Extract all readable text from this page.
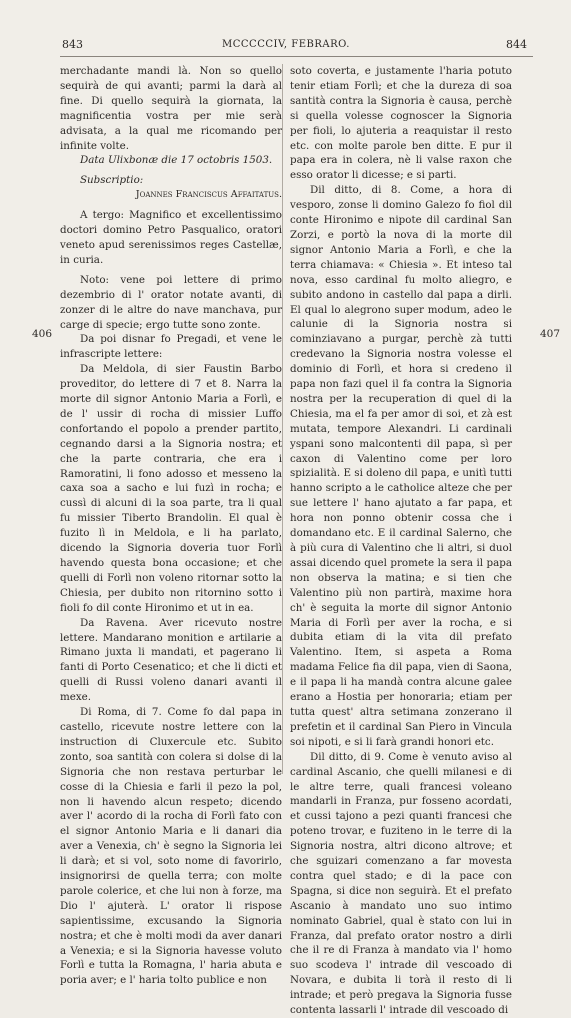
843	MCCCCCIV, FEBRARO.	844
406	407

merchadante mandi là. Non so quello sequirà de qui avanti; parmi la darà al fine. Di quello sequirà la giornata, la magnificentia vostra per mie serà advisata, a la qual me ricomando per infinite volte.

Data Ulixbonæ die 17 octobris 1503.

Subscriptio:

Joannes Franciscus Affaitatus.

A tergo: Magnifico et excellentissimo doctori domino Petro Pasqualico, oratori veneto apud serenissimos reges Castellæ, in curia.

Noto: vene poi lettere di primo dezembrio di l' orator notate avanti, di zonzer di le altre do nave manchava, pur carge di specie; ergo tutte sono zonte.

Da poi disnar fo Pregadi, et vene le infrascripte lettere:

Da Meldola, di sier Faustin Barbo proveditor, do lettere di 7 et 8. Narra la morte dil signor Antonio Maria a Forlì, e de l' ussir di rocha di missier Luffo confortando el popolo a prender partito, cegnando darsi a la Signoria nostra; et che la parte contraria, che era i Ramoratini, li fono adosso et messeno la caxa soa a sacho e lui fuzì in rocha; e cussì di alcuni di la soa parte, tra li qual fu missier Tiberto Brandolin. El qual è fuzito lì in Meldola, e li ha parlato, dicendo la Signoria doveria tuor Forlì havendo questa bona occasione; et che quelli di Forlì non voleno ritornar sotto la Chiesia, per dubito non ritornino sotto i fioli fo dil conte Hironimo et ut in ea.

Da Ravena. Aver ricevuto nostre lettere. Mandarano monition e artilarie a Rimano juxta li mandati, et pagerano li fanti di Porto Cesenatico; et che li dicti et quelli di Russi voleno danari avanti il mexe.

Di Roma, di 7. Come fo dal papa in castello, ricevute nostre lettere con la instruction di Cluxercule etc. Subito zonto, soa santità con colera si dolse di la Signoria che non restava perturbar le cosse di la Chiesia e farli il pezo la pol, non li havendo alcun respeto; dicendo aver l' acordo di la rocha di Forlì fato con el signor Antonio Maria e li danari dia aver a Venexia, ch' è segno la Signoria lei li darà; et si vol, soto nome di favorirlo, insignorirsi de quella terra; con molte parole colerice, et che lui non à forze, ma Dio l' ajuterà. L' orator li rispose sapientissime, excusando la Signoria nostra; et che è molti modi da aver danari a Venexia; e si la Signoria havesse voluto Forlì e tutta la Romagna, l' haria abuta e poria aver; e l' haria tolto publice e non

soto coverta, e justamente l'haria potuto tenir etiam Forlì; et che la dureza di soa santità contra la Signoria è causa, perchè si quella volesse cognoscer la Signoria per fioli, lo ajuteria a reaquistar il resto etc. con molte parole ben ditte. E pur il papa era in colera, nè li valse raxon che esso orator li dicesse; e si parti.

Dil ditto, di 8. Come, a hora di vesporo, zonse li domino Galezo fo fiol dil conte Hironimo e nipote dil cardinal San Zorzi, e portò la nova di la morte dil signor Antonio Maria a Forlì, e che la terra chiamava: « Chiesia ». Et inteso tal nova, esso cardinal fu molto aliegro, e subito andono in castello dal papa a dirli. El qual lo alegrono super modum, adeo le calunie di la Signoria nostra si cominziavano a purgar, perchè zà tutti credevano la Signoria nostra volesse el dominio di Forlì, et hora si credeno il papa non fazi quel il fa contra la Signoria nostra per la recuperation di quel di la Chiesia, ma el fa per amor di soi, et zà est mutata, tempore Alexandri. Li cardinali yspani sono malcontenti dil papa, sì per caxon di Valentino come per loro spizialità. E si doleno dil papa, e unitì tutti hanno scripto a le catholice alteze che per sue lettere l' hano ajutato a far papa, et hora non ponno obtenir cossa che i domandano etc. E il cardinal Salerno, che à più cura di Valentino che li altri, si duol assai dicendo quel promete la sera il papa non observa la matina; e si tien che Valentino più non partirà, maxime hora ch' è seguita la morte dil signor Antonio Maria di Forlì per aver la rocha, e si dubita etiam di la vita dil prefato Valentino. Item, si aspeta a Roma madama Felice fia dil papa, vien di Saona, e il papa li ha mandà contra alcune galee erano a Hostia per honoraria; etiam per tutta quest' altra setimana zonzerano il prefetin et il cardinal San Piero in Vincula soi nipoti, e si li farà grandi honori etc.

Dil ditto, di 9. Come è venuto aviso al cardinal Ascanio, che quelli milanesi e di le altre terre, quali francesi voleano mandarli in Franza, pur fosseno acordati, et cussi tajono a pezi quanti francesi che poteno trovar, e fuziteno in le terre di la Signoria nostra, altri dicono altrove; et che sguizari comenzano a far movesta contra quel stado; e di la pace con Spagna, si dice non seguirà. Et el prefato Ascanio à mandato uno suo intimo nominato Gabriel, qual è stato con lui in Franza, dal prefato orator nostro a dirli che il re di Franza à mandato via l' homo suo scodeva l' intrade dil vescoado di Novara, e dubita li torà il resto di li intrade; et però pregava la Signoria fusse contenta lassarli l' intrade dil vescoado di
